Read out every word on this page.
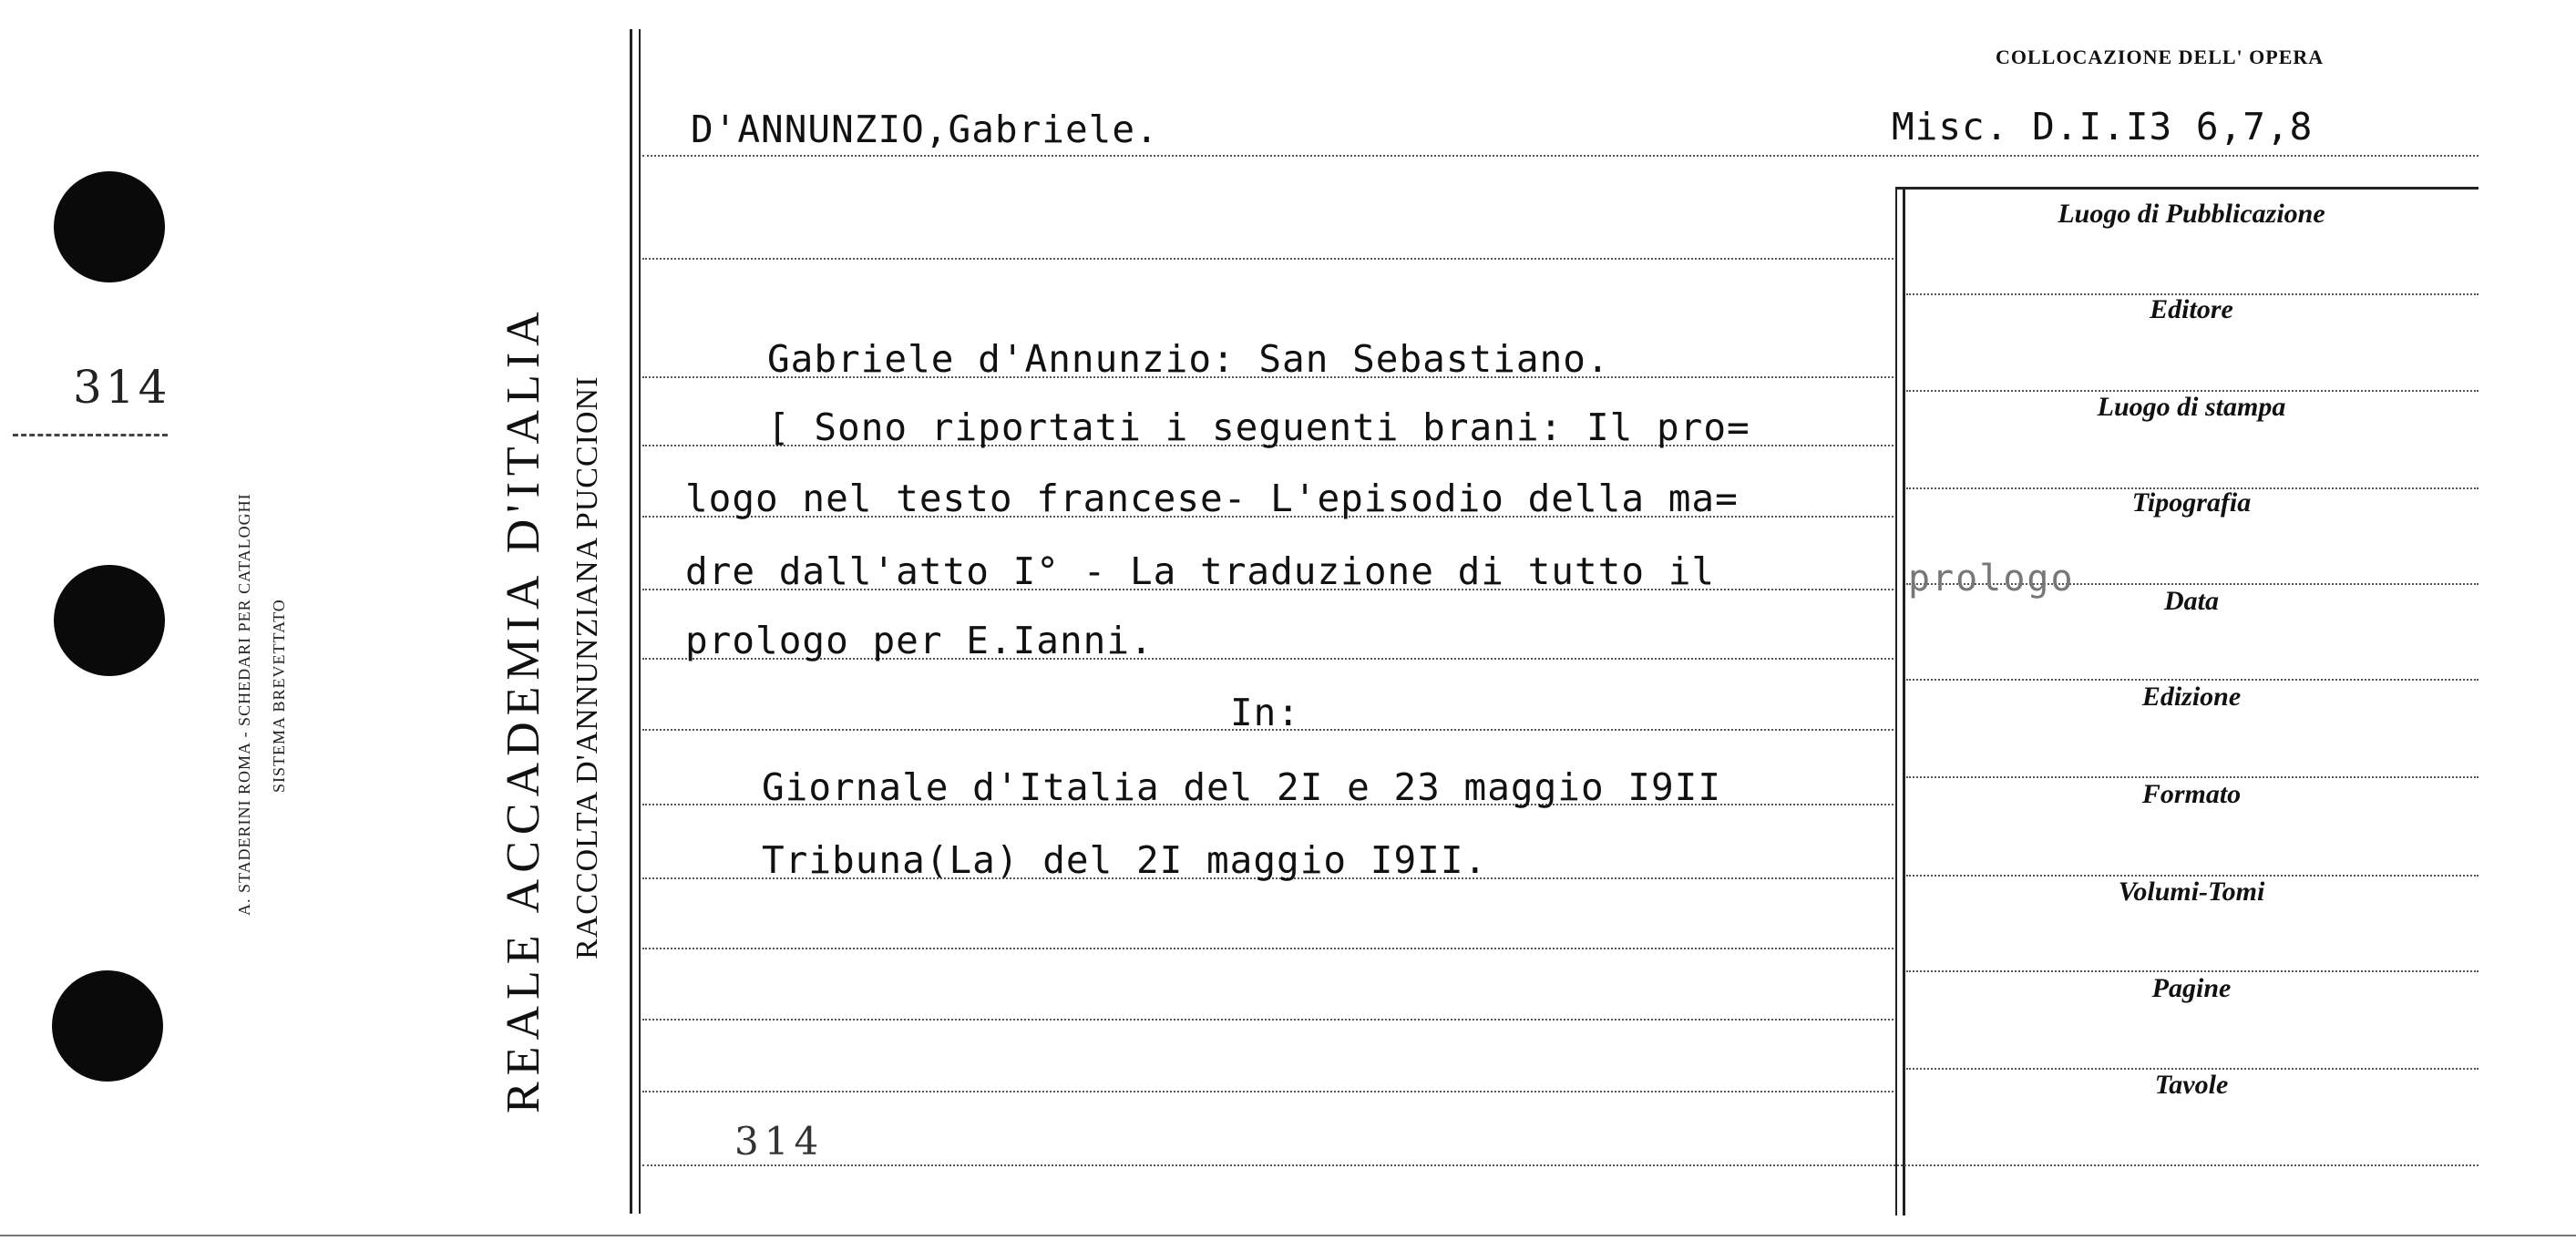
314
A. STADERINI ROMA - SCHEDARI PER CATALOGHI SISTEMA BREVETTATO	REALE ACCADEMIA D'ITALIA RACCOLTA D'ANNUNZIANA PUCCIONI
COLLOCAZIONE DELL' OPERA
D'ANNUNZIO,Gabriele.	Misc. D.I.I3 6,7,8
Gabriele d'Annunzio: San Sebastiano.
[ Sono riportati i seguenti brani: Il pro=
logo nel testo francese- L'episodio della ma=
dre dall'atto I° - La traduzione di tutto il
prologo per E.Ianni.
prologo
In:
Giornale d'Italia del 2I e 23 maggio I9II
Tribuna(La) del 2I maggio I9II.
314
Luogo di Pubblicazione
Editore
Luogo di stampa
Tipografia
Data
Edizione
Formato
Volumi-Tomi
Pagine
Tavole
